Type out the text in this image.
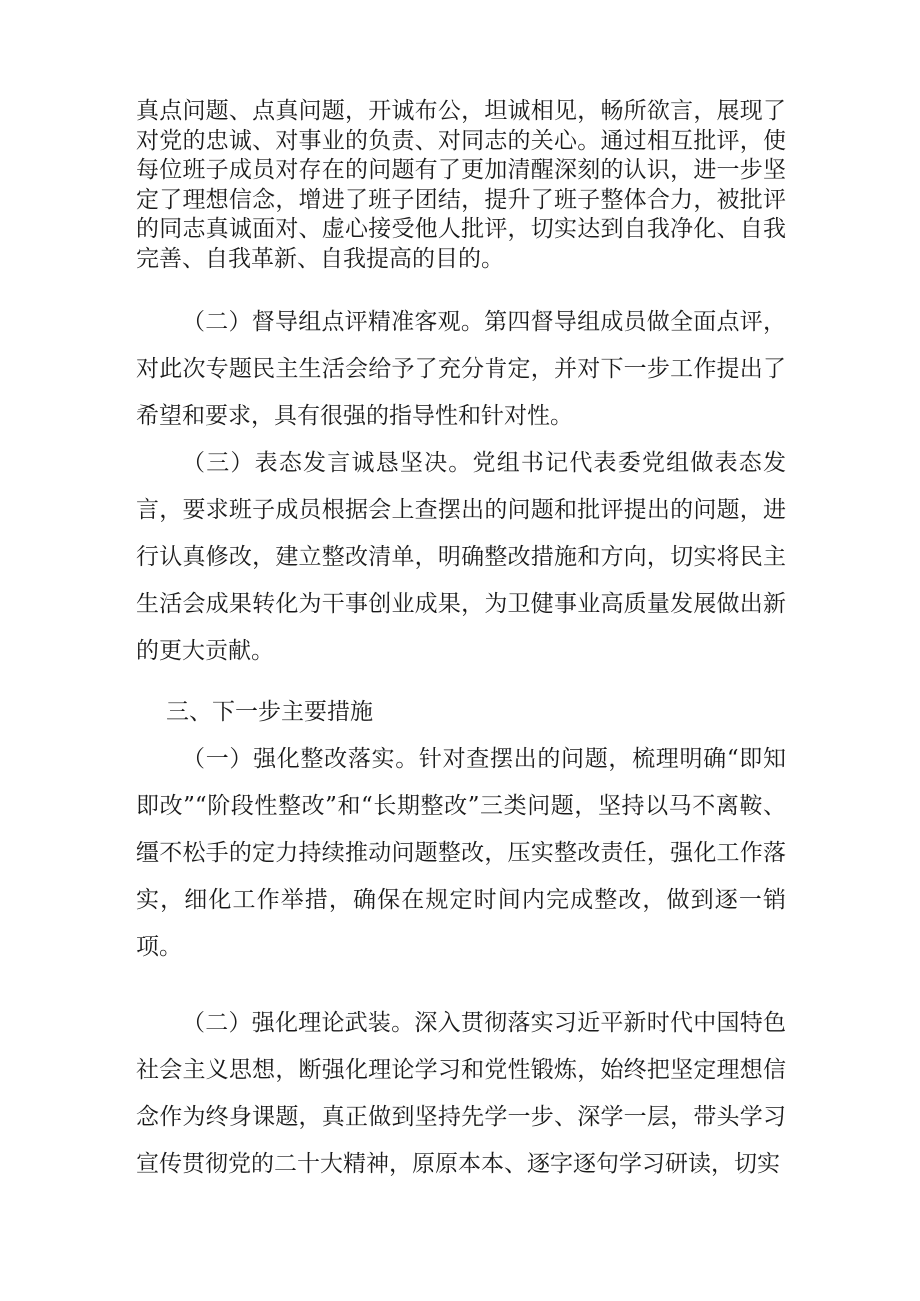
真点问题、点真问题，开诚布公，坦诚相见，畅所欲言，展现了对党的忠诚、对事业的负责、对同志的关心。通过相互批评，使每位班子成员对存在的问题有了更加清醒深刻的认识，进一步坚定了理想信念，增进了班子团结，提升了班子整体合力，被批评的同志真诚面对、虚心接受他人批评，切实达到自我净化、自我完善、自我革新、自我提高的目的。

（二）督导组点评精准客观。第四督导组成员做全面点评，对此次专题民主生活会给予了充分肯定，并对下一步工作提出了希望和要求，具有很强的指导性和针对性。

（三）表态发言诚恳坚决。党组书记代表委党组做表态发言，要求班子成员根据会上查摆出的问题和批评提出的问题，进行认真修改，建立整改清单，明确整改措施和方向，切实将民主生活会成果转化为干事创业成果，为卫健事业高质量发展做出新的更大贡献。

三、下一步主要措施

（一）强化整改落实。针对查摆出的问题，梳理明确“即知即改”“阶段性整改”和“长期整改”三类问题，坚持以马不离鞍、缰不松手的定力持续推动问题整改，压实整改责任，强化工作落实，细化工作举措，确保在规定时间内完成整改，做到逐一销项。

（二）强化理论武装。深入贯彻落实习近平新时代中国特色社会主义思想，断强化理论学习和党性锻炼，始终把坚定理想信念作为终身课题，真正做到坚持先学一步、深学一层，带头学习宣传贯彻党的二十大精神，原原本本、逐字逐句学习研读，切实
